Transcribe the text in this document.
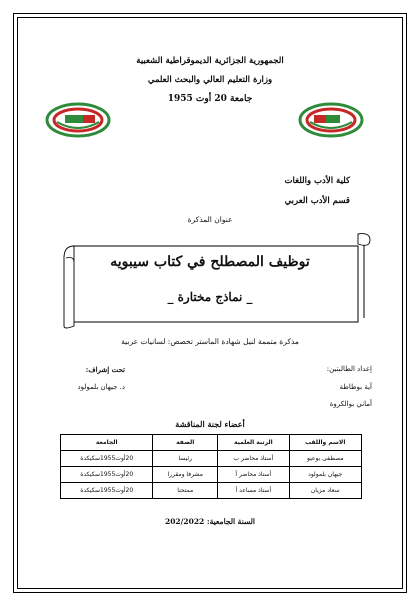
الجمهورية الجزائرية الديموقراطية الشعبية
وزارة التعليم العالي والبحث العلمي
جامعة 20 أوت 1955
كلية الأدب واللغات
قسم الأدب العربي
عنوان المذكرة
توظيف المصطلح في كتاب سيبويه
_ نماذج مختارة _
مذكرة متممة لنيل شهادة الماستر تخصص: لسانيات عربية
إعداد الطالبتين:
آية بوطاطة
أماني بوالكروة
تحت إشراف:
د. جيهان بلمولود
أعضاء لجنة المناقشة
الاسم واللقب	الرتبة العلمية	الصفة	الجامعة
مصطفى بوعيو	أستاذ محاضر ب	رئيسا	20أوت1955سكيكدة
جيهان بلمولود	أستاذ محاضر أ	مشرفا ومقررا	20أوت1955سكيكدة
سعاد مزيان	أستاذ مساعد أ	ممتحنا	20أوت1955سكيكدة
السنة الجامعية: 202/2022
